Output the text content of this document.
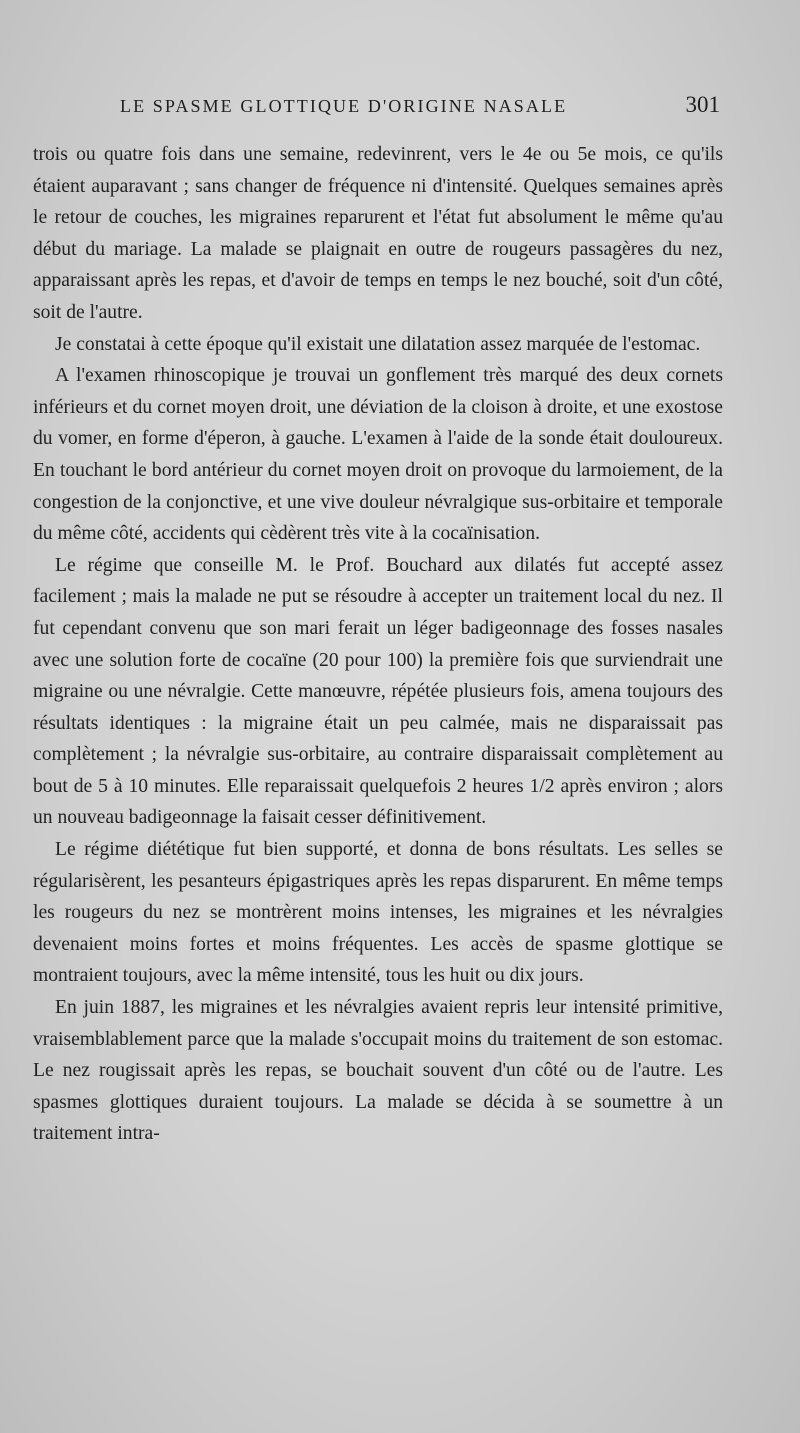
LE SPASME GLOTTIQUE D'ORIGINE NASALE	301

trois ou quatre fois dans une semaine, redevinrent, vers le 4e ou 5e mois, ce qu'ils étaient auparavant ; sans changer de fréquence ni d'intensité. Quelques semaines après le retour de couches, les migraines reparurent et l'état fut absolument le même qu'au début du mariage. La malade se plaignait en outre de rougeurs passagères du nez, apparaissant après les repas, et d'avoir de temps en temps le nez bouché, soit d'un côté, soit de l'autre.

Je constatai à cette époque qu'il existait une dilatation assez marquée de l'estomac.

A l'examen rhinoscopique je trouvai un gonflement très marqué des deux cornets inférieurs et du cornet moyen droit, une déviation de la cloison à droite, et une exostose du vomer, en forme d'éperon, à gauche. L'examen à l'aide de la sonde était douloureux. En touchant le bord antérieur du cornet moyen droit on provoque du larmoiement, de la congestion de la conjonctive, et une vive douleur névralgique sus-orbitaire et temporale du même côté, accidents qui cèdèrent très vite à la cocaïnisation.

Le régime que conseille M. le Prof. Bouchard aux dilatés fut accepté assez facilement ; mais la malade ne put se résoudre à accepter un traitement local du nez. Il fut cependant convenu que son mari ferait un léger badigeonnage des fosses nasales avec une solution forte de cocaïne (20 pour 100) la première fois que surviendrait une migraine ou une névralgie. Cette manœuvre, répétée plusieurs fois, amena toujours des résultats identiques : la migraine était un peu calmée, mais ne disparaissait pas complètement ; la névralgie sus-orbitaire, au contraire disparaissait complètement au bout de 5 à 10 minutes. Elle reparaissait quelquefois 2 heures 1/2 après environ ; alors un nouveau badigeonnage la faisait cesser définitivement.

Le régime diététique fut bien supporté, et donna de bons résultats. Les selles se régularisèrent, les pesanteurs épigastriques après les repas disparurent. En même temps les rougeurs du nez se montrèrent moins intenses, les migraines et les névralgies devenaient moins fortes et moins fréquentes. Les accès de spasme glottique se montraient toujours, avec la même intensité, tous les huit ou dix jours.

En juin 1887, les migraines et les névralgies avaient repris leur intensité primitive, vraisemblablement parce que la malade s'occupait moins du traitement de son estomac. Le nez rougissait après les repas, se bouchait souvent d'un côté ou de l'autre. Les spasmes glottiques duraient toujours. La malade se décida à se soumettre à un traitement intra-
